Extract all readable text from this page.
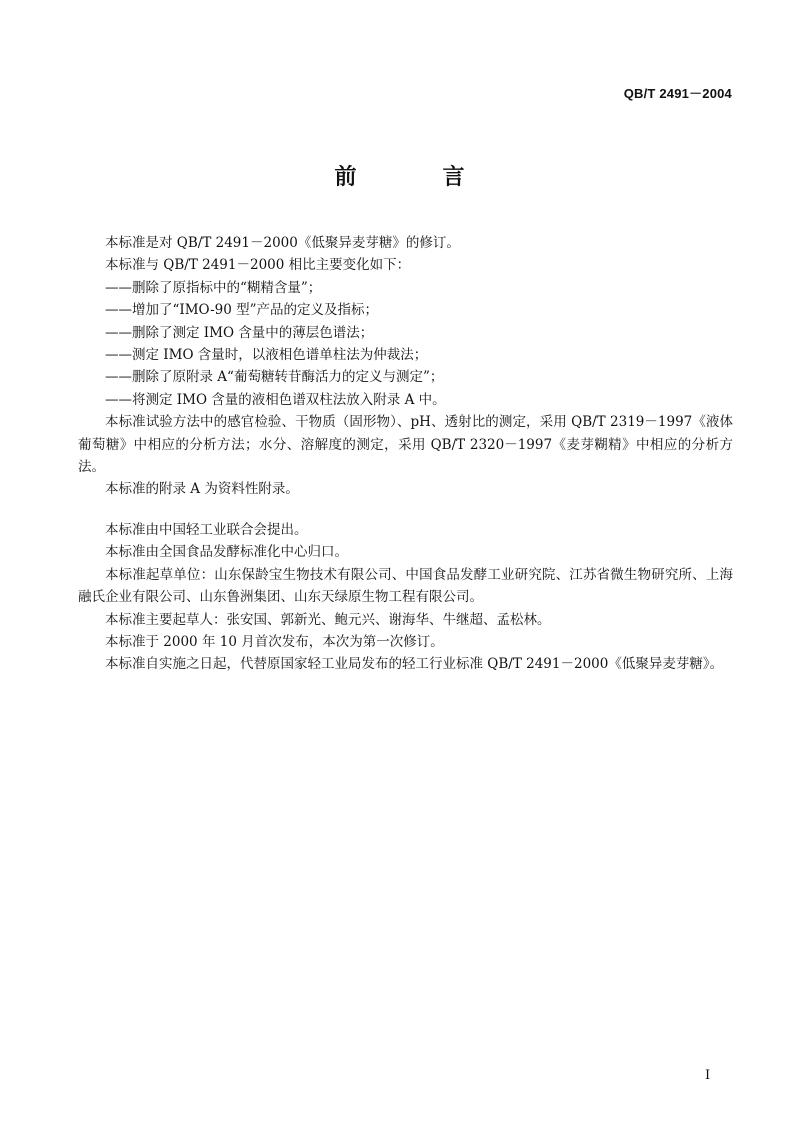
QB/T 2491－2004
前　言

本标准是对 QB/T 2491－2000《低聚异麦芽糖》的修订。

本标准与 QB/T 2491－2000 相比主要变化如下：

——删除了原指标中的“糊精含量”；

——增加了“IMO-90 型”产品的定义及指标；

——删除了测定 IMO 含量中的薄层色谱法；

——测定 IMO 含量时，以液相色谱单柱法为仲裁法；

——删除了原附录 A“葡萄糖转苷酶活力的定义与测定”；

——将测定 IMO 含量的液相色谱双柱法放入附录 A 中。

本标准试验方法中的感官检验、干物质（固形物）、pH、透射比的测定，采用 QB/T 2319－1997《液体葡萄糖》中相应的分析方法；水分、溶解度的测定，采用 QB/T 2320－1997《麦芽糊精》中相应的分析方法。

本标准的附录 A 为资料性附录。

本标准由中国轻工业联合会提出。

本标准由全国食品发酵标准化中心归口。

本标准起草单位：山东保龄宝生物技术有限公司、中国食品发酵工业研究院、江苏省微生物研究所、上海融氏企业有限公司、山东鲁洲集团、山东天绿原生物工程有限公司。

本标准主要起草人：张安国、郭新光、鲍元兴、谢海华、牛继超、孟松林。

本标准于 2000 年 10 月首次发布，本次为第一次修订。

本标准自实施之日起，代替原国家轻工业局发布的轻工行业标准 QB/T 2491－2000《低聚异麦芽糖》。

I
